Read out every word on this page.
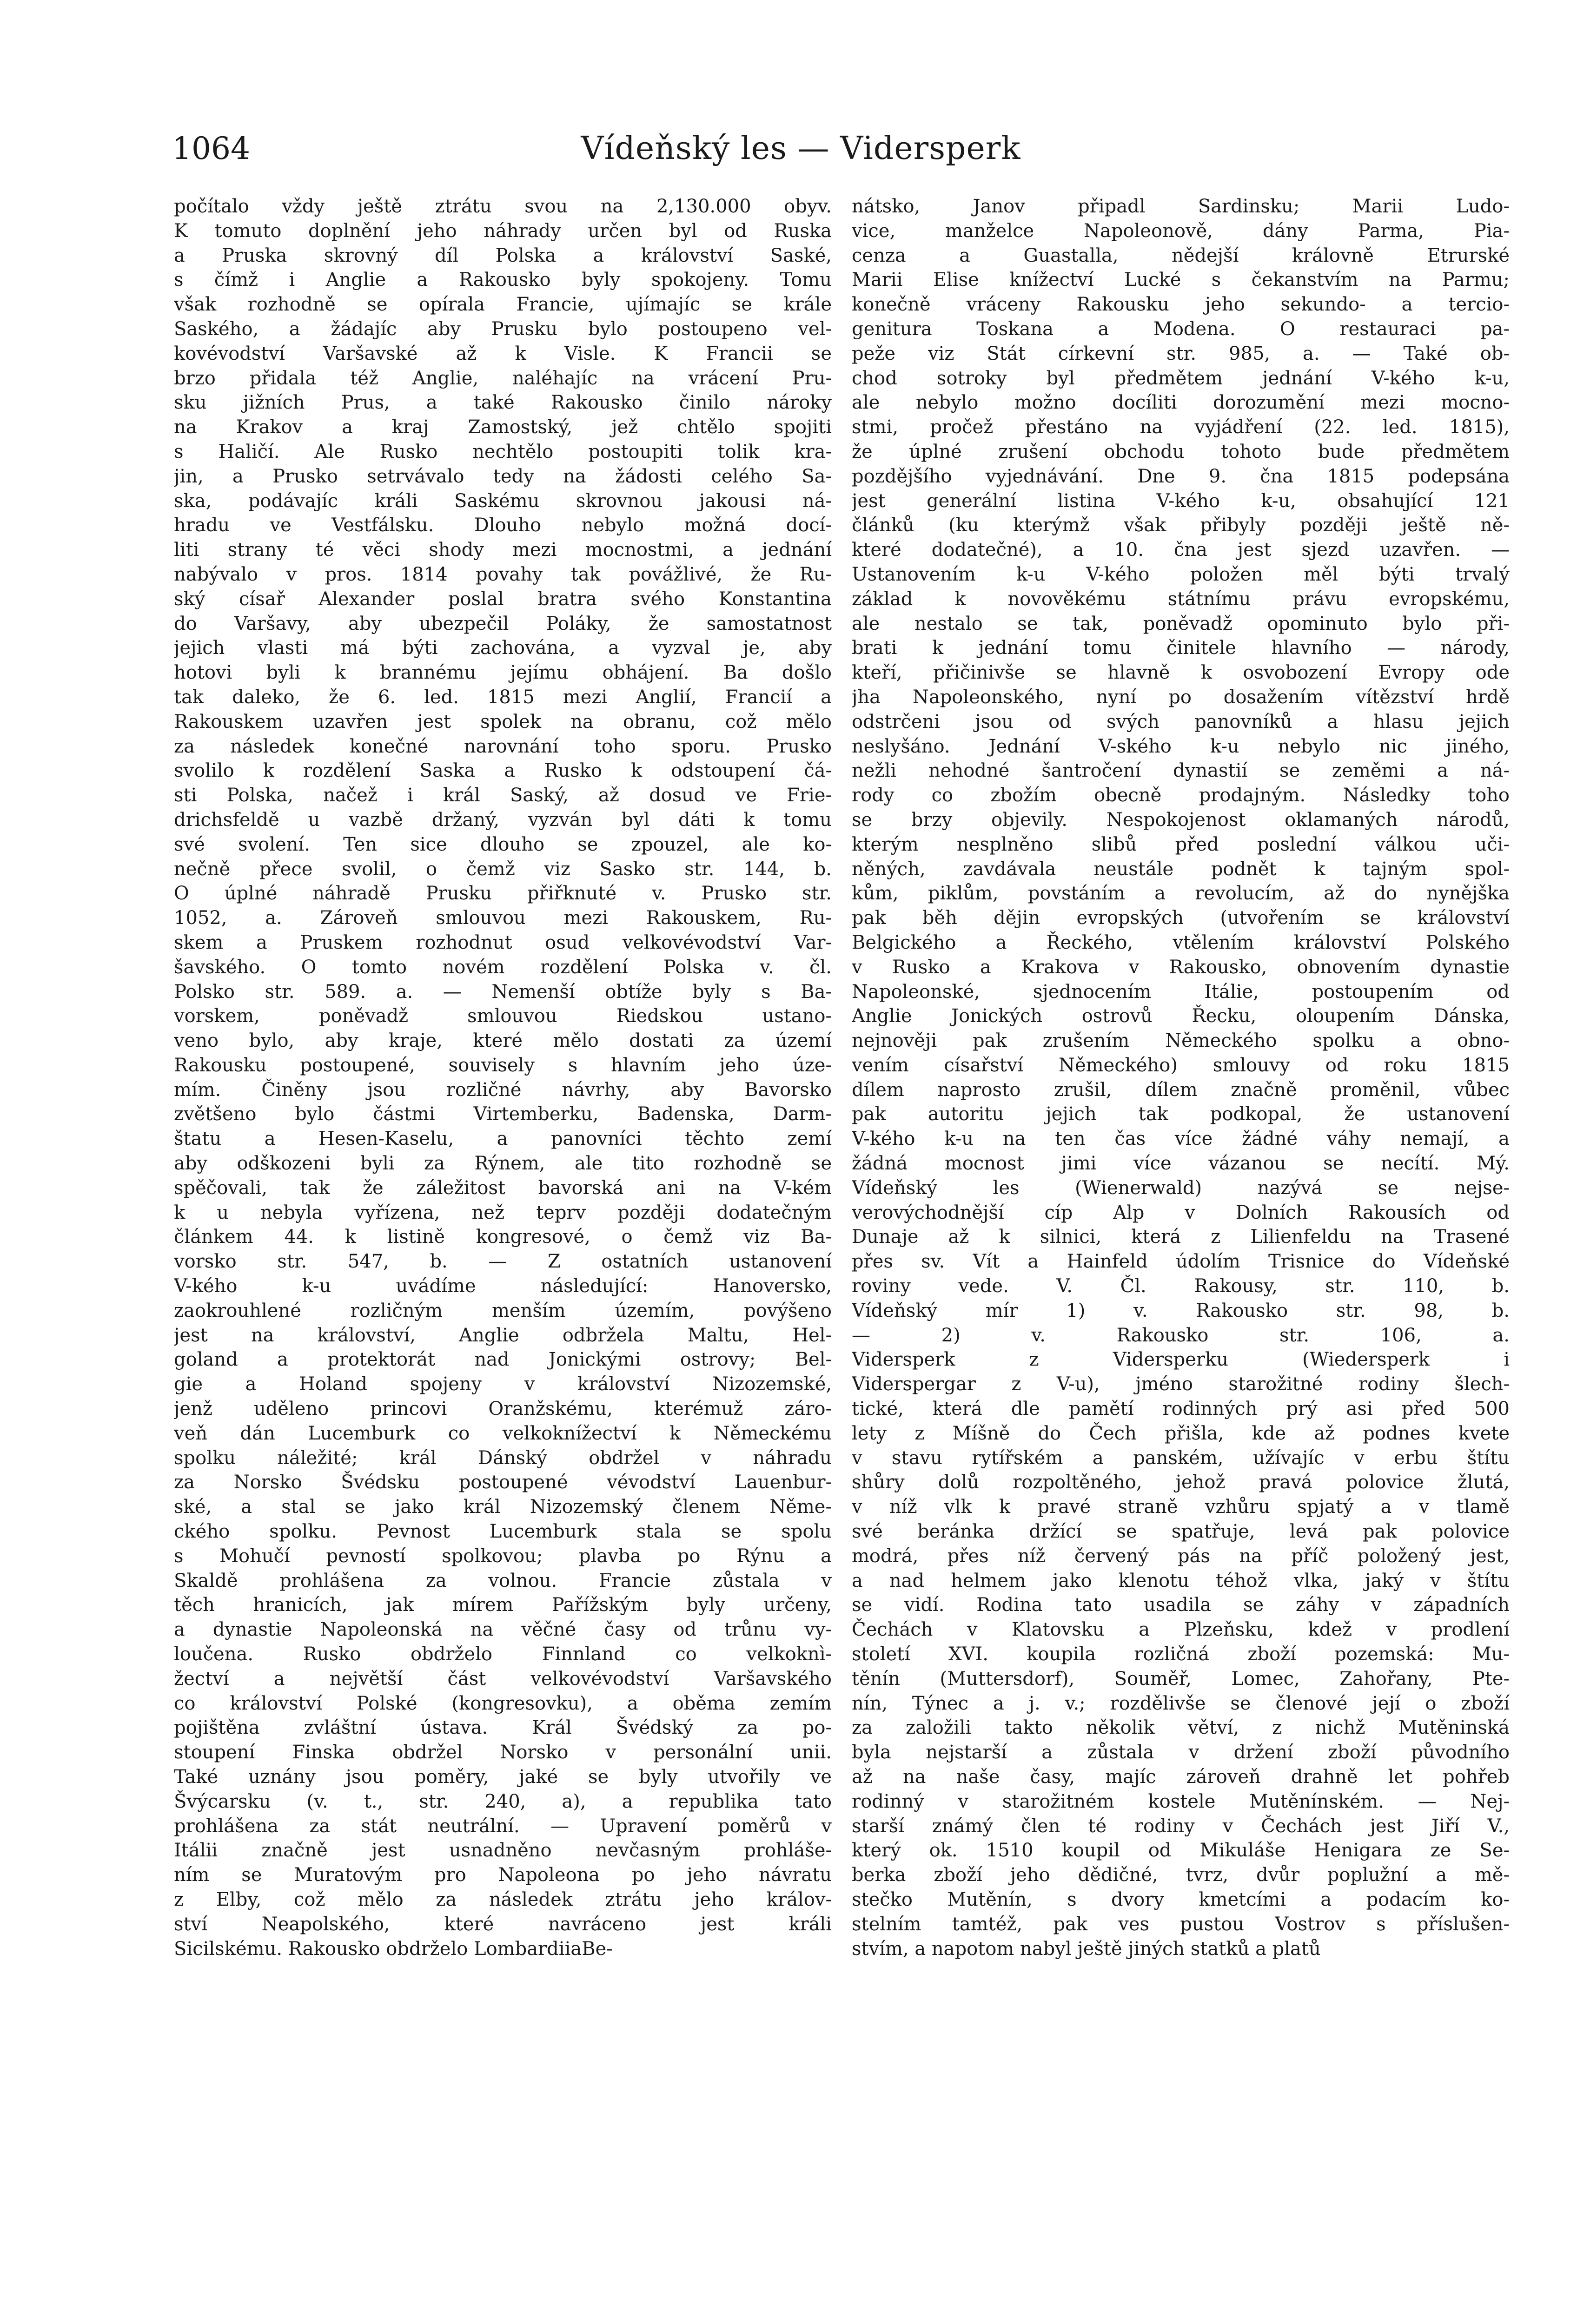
1064	Vídeňský les — Vidersperk
počítalo vždy ještě ztrátu svou na 2,130.000 obyv.
K tomuto doplnění jeho náhrady určen byl od Ruska
a Pruska skrovný díl Polska a království Saské,
s čímž i Anglie a Rakousko byly spokojeny. Tomu
však rozhodně se opírala Francie, ujímajíc se krále
Saského, a žádajíc aby Prusku bylo postoupeno vel-
kovévodství Varšavské až k Visle. K Francii se
brzo přidala též Anglie, naléhajíc na vrácení Pru-
sku jižních Prus, a také Rakousko činilo nároky
na Krakov a kraj Zamostský, jež chtělo spojiti
s Haličí. Ale Rusko nechtělo postoupiti tolik kra-
jin, a Prusko setrvávalo tedy na žádosti celého Sa-
ska, podávajíc králi Saskému skrovnou jakousi ná-
hradu ve Vestfálsku. Dlouho nebylo možná docí-
liti strany té věci shody mezi mocnostmi, a jednání
nabývalo v pros. 1814 povahy tak povážlivé, že Ru-
ský císař Alexander poslal bratra svého Konstantina
do Varšavy, aby ubezpečil Poláky, že samostatnost
jejich vlasti má býti zachována, a vyzval je, aby
hotovi byli k brannému jejímu obhájení. Ba došlo
tak daleko, že 6. led. 1815 mezi Anglií, Francií a
Rakouskem uzavřen jest spolek na obranu, což mělo
za následek konečné narovnání toho sporu. Prusko
svolilo k rozdělení Saska a Rusko k odstoupení čá-
sti Polska, načež i král Saský, až dosud ve Frie-
drichsfeldě u vazbě držaný, vyzván byl dáti k tomu
své svolení. Ten sice dlouho se zpouzel, ale ko-
nečně přece svolil, o čemž viz Sasko str. 144, b.
O úplné náhradě Prusku přiřknuté v. Prusko str.
1052, a. Zároveň smlouvou mezi Rakouskem, Ru-
skem a Pruskem rozhodnut osud velkovévodství Var-
šavského. O tomto novém rozdělení Polska v. čl.
Polsko str. 589. a. — Nemenší obtíže byly s Ba-
vorskem, poněvadž smlouvou Riedskou ustano-
veno bylo, aby kraje, které mělo dostati za území
Rakousku postoupené, souvisely s hlavním jeho úze-
mím. Činěny jsou rozličné návrhy, aby Bavorsko
zvětšeno bylo částmi Virtemberku, Badenska, Darm-
štatu a Hesen-Kaselu, a panovníci těchto zemí
aby odškozeni byli za Rýnem, ale tito rozhodně se
spěčovali, tak že záležitost bavorská ani na V-kém
k u nebyla vyřízena, než teprv později dodatečným
článkem 44. k listině kongresové, o čemž viz Ba-
vorsko str. 547, b. — Z ostatních ustanovení
V-kého k-u uvádíme následující: Hanoversko,
zaokrouhlené rozličným menším územím, povýšeno
jest na království, Anglie odbržela Maltu, Hel-
goland a protektorát nad Jonickými ostrovy; Bel-
gie a Holand spojeny v království Nizozemské,
jenž uděleno princovi Oranžskému, kterémuž záro-
veň dán Lucemburk co velkoknížectví k Německému
spolku náležité; král Dánský obdržel v náhradu
za Norsko Švédsku postoupené vévodství Lauenbur-
ské, a stal se jako král Nizozemský členem Něme-
ckého spolku. Pevnost Lucemburk stala se spolu
s Mohučí pevností spolkovou; plavba po Rýnu a
Skaldě prohlášena za volnou. Francie zůstala v
těch hranicích, jak mírem Pařížským byly určeny,
a dynastie Napoleonská na věčné časy od trůnu vy-
loučena. Rusko obdrželo Finnland co velkoknì-
žectví a největší část velkovévodství Varšavského
co království Polské (kongresovku), a oběma zemím
pojištěna zvláštní ústava. Král Švédský za po-
stoupení Finska obdržel Norsko v personální unii.
Také uznány jsou poměry, jaké se byly utvořily ve
Švýcarsku (v. t., str. 240, a), a republika tato
prohlášena za stát neutrální. — Upravení poměrů v
Itálii značně jest usnadněno nevčasným prohláše-
ním se Muratovým pro Napoleona po jeho návratu
z Elby, což mělo za následek ztrátu jeho králov-
ství Neapolského, které navráceno jest králi
Sicilskému. Rakousko obdrželo LombardiiaBe-
nátsko, Janov připadl Sardinsku; Marii Ludo-
vice, manželce Napoleonově, dány Parma, Pia-
cenza a Guastalla, nědejší královně Etrurské
Marii Elise knížectví Lucké s čekanstvím na Parmu;
konečně vráceny Rakousku jeho sekundo- a tercio-
genitura Toskana a Modena. O restauraci pa-
peže viz Stát církevní str. 985, a. — Také ob-
chod sotroky byl předmětem jednání V-kého k-u,
ale nebylo možno docíliti dorozumění mezi mocno-
stmi, pročež přestáno na vyjádření (22. led. 1815),
že úplné zrušení obchodu tohoto bude předmětem
pozdějšího vyjednávání. Dne 9. čna 1815 podepsána
jest generální listina V-kého k-u, obsahující 121
článků (ku kterýmž však přibyly později ještě ně-
které dodatečné), a 10. čna jest sjezd uzavřen. —
Ustanovením k-u V-kého položen měl býti trvalý
základ k novověkému státnímu právu evropskému,
ale nestalo se tak, poněvadž opominuto bylo při-
brati k jednání tomu činitele hlavního — národy,
kteří, přičinivše se hlavně k osvobození Evropy ode
jha Napoleonského, nyní po dosažením vítězství hrdě
odstrčeni jsou od svých panovníků a hlasu jejich
neslyšáno. Jednání V-ského k-u nebylo nic jiného,
nežli nehodné šantročení dynastií se zeměmi a ná-
rody co zbožím obecně prodajným. Následky toho
se brzy objevily. Nespokojenost oklamaných národů,
kterým nesplněno slibů před poslední válkou uči-
něných, zavdávala neustále podnět k tajným spol-
kům, piklům, povstáním a revolucím, až do nynějška
pak běh dějin evropských (utvořením se království
Belgického a Řeckého, vtělením království Polského
v Rusko a Krakova v Rakousko, obnovením dynastie
Napoleonské, sjednocením Itálie, postoupením od
Anglie Jonických ostrovů Řecku, oloupením Dánska,
nejnověji pak zrušením Německého spolku a obno-
vením císařství Německého) smlouvy od roku 1815
dílem naprosto zrušil, dílem značně proměnil, vůbec
pak autoritu jejich tak podkopal, že ustanovení
V-kého k-u na ten čas více žádné váhy nemají, a
žádná mocnost jimi více vázanou se necítí. Mý.
Vídeňský les (Wienerwald) nazývá se nejse-
verovýchodnější cíp Alp v Dolních Rakousích od
Dunaje až k silnici, která z Lilienfeldu na Trasené
přes sv. Vít a Hainfeld údolím Trisnice do Vídeňské
roviny vede. V. Čl. Rakousy, str. 110, b.
Vídeňský mír 1) v. Rakousko str. 98, b.
— 2) v. Rakousko str. 106, a.
Vidersperk z Vidersperku (Wiedersperk i
Viderspergar z V-u), jméno starožitné rodiny šlech-
tické, která dle pamětí rodinných prý asi před 500
lety z Míšně do Čech přišla, kde až podnes kvete
v stavu rytířském a panském, užívajíc v erbu štítu
shůry dolů rozpoltěného, jehož pravá polovice žlutá,
v níž vlk k pravé straně vzhůru spjatý a v tlamě
své beránka držící se spatřuje, levá pak polovice
modrá, přes níž červený pás na příč položený jest,
a nad helmem jako klenotu téhož vlka, jaký v štítu
se vidí. Rodina tato usadila se záhy v západních
Čechách v Klatovsku a Plzeňsku, kdež v prodlení
století XVI. koupila rozličná zboží pozemská: Mu-
těnín (Muttersdorf), Souměř, Lomec, Zahořany, Pte-
nín, Týnec a j. v.; rozdělivše se členové její o zboží
za založili takto několik větví, z nichž Mutěninská
byla nejstarší a zůstala v držení zboží původního
až na naše časy, majíc zároveň drahně let pohřeb
rodinný v starožitném kostele Mutěnínském. — Nej-
starší známý člen té rodiny v Čechách jest Jiří V.,
který ok. 1510 koupil od Mikuláše Henigara ze Se-
berka zboží jeho dědičné, tvrz, dvůr poplužní a mě-
stečko Mutěnín, s dvory kmetcími a podacím ko-
stelním tamtéž, pak ves pustou Vostrov s příslušen-
stvím, a napotom nabyl ještě jiných statků a platů
